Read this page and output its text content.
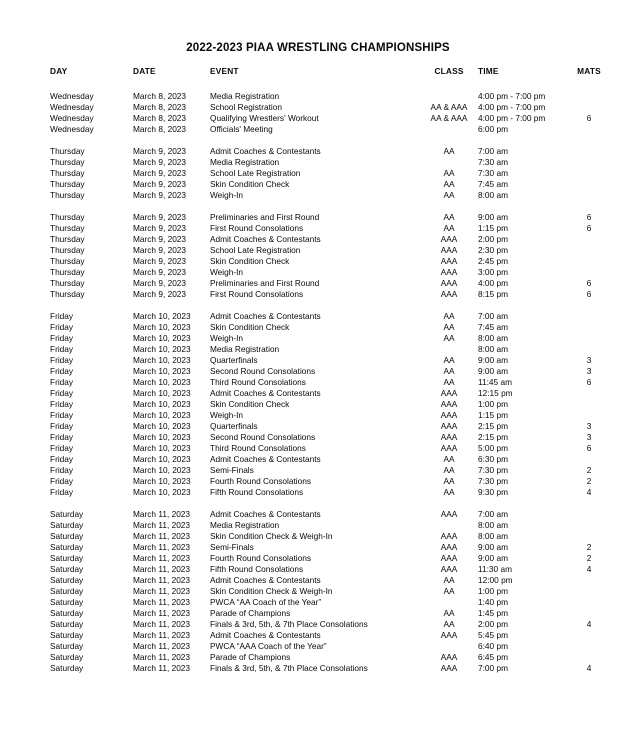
2022-2023 PIAA WRESTLING CHAMPIONSHIPS
DAY	DATE	EVENT	CLASS	TIME	MATS
Wednesday	March 8, 2023	Media Registration		4:00 pm - 7:00 pm	
Wednesday	March 8, 2023	School Registration	AA & AAA	4:00 pm - 7:00 pm	
Wednesday	March 8, 2023	Qualifying Wrestlers' Workout	AA & AAA	4:00 pm - 7:00 pm	6
Wednesday	March 8, 2023	Officials' Meeting		6:00 pm	

Thursday	March 9, 2023	Admit Coaches & Contestants	AA	7:00 am	
Thursday	March 9, 2023	Media Registration		7:30 am	
Thursday	March 9, 2023	School Late Registration	AA	7:30 am	
Thursday	March 9, 2023	Skin Condition Check	AA	7:45 am	
Thursday	March 9, 2023	Weigh-In	AA	8:00 am	

Thursday	March 9, 2023	Preliminaries and First Round	AA	9:00 am	6
Thursday	March 9, 2023	First Round Consolations	AA	1:15 pm	6
Thursday	March 9, 2023	Admit Coaches & Contestants	AAA	2:00 pm	
Thursday	March 9, 2023	School Late Registration	AAA	2:30 pm	
Thursday	March 9, 2023	Skin Condition Check	AAA	2:45 pm	
Thursday	March 9, 2023	Weigh-In	AAA	3:00 pm	
Thursday	March 9, 2023	Preliminaries and First Round	AAA	4:00 pm	6
Thursday	March 9, 2023	First Round Consolations	AAA	8:15 pm	6

Friday	March 10, 2023	Admit Coaches & Contestants	AA	7:00 am	
Friday	March 10, 2023	Skin Condition Check	AA	7:45 am	
Friday	March 10, 2023	Weigh-In	AA	8:00 am	
Friday	March 10, 2023	Media Registration		8:00 am	
Friday	March 10, 2023	Quarterfinals	AA	9:00 am	3
Friday	March 10, 2023	Second Round Consolations	AA	9:00 am	3
Friday	March 10, 2023	Third Round Consolations	AA	11:45 am	6
Friday	March 10, 2023	Admit Coaches & Contestants	AAA	12:15 pm	
Friday	March 10, 2023	Skin Condition Check	AAA	1:00 pm	
Friday	March 10, 2023	Weigh-In	AAA	1:15 pm	
Friday	March 10, 2023	Quarterfinals	AAA	2:15 pm	3
Friday	March 10, 2023	Second Round Consolations	AAA	2:15 pm	3
Friday	March 10, 2023	Third Round Consolations	AAA	5:00 pm	6
Friday	March 10, 2023	Admit Coaches & Contestants	AA	6:30 pm	
Friday	March 10, 2023	Semi-Finals	AA	7:30 pm	2
Friday	March 10, 2023	Fourth Round Consolations	AA	7:30 pm	2
Friday	March 10, 2023	Fifth Round Consolations	AA	9:30 pm	4

Saturday	March 11, 2023	Admit Coaches & Contestants	AAA	7:00 am	
Saturday	March 11, 2023	Media Registration		8:00 am	
Saturday	March 11, 2023	Skin Condition Check & Weigh-In	AAA	8:00 am	
Saturday	March 11, 2023	Semi-Finals	AAA	9:00 am	2
Saturday	March 11, 2023	Fourth Round Consolations	AAA	9:00 am	2
Saturday	March 11, 2023	Fifth Round Consolations	AAA	11:30 am	4
Saturday	March 11, 2023	Admit Coaches & Contestants	AA	12:00 pm	
Saturday	March 11, 2023	Skin Condition Check & Weigh-In	AA	1:00 pm	
Saturday	March 11, 2023	PWCA “AA Coach of the Year”		1:40 pm	
Saturday	March 11, 2023	Parade of Champions	AA	1:45 pm	
Saturday	March 11, 2023	Finals & 3rd, 5th, & 7th Place Consolations	AA	2:00 pm	4
Saturday	March 11, 2023	Admit Coaches & Contestants	AAA	5:45 pm	
Saturday	March 11, 2023	PWCA “AAA Coach of the Year”		6:40 pm	
Saturday	March 11, 2023	Parade of Champions	AAA	6:45 pm	
Saturday	March 11, 2023	Finals & 3rd, 5th, & 7th Place Consolations	AAA	7:00 pm	4
